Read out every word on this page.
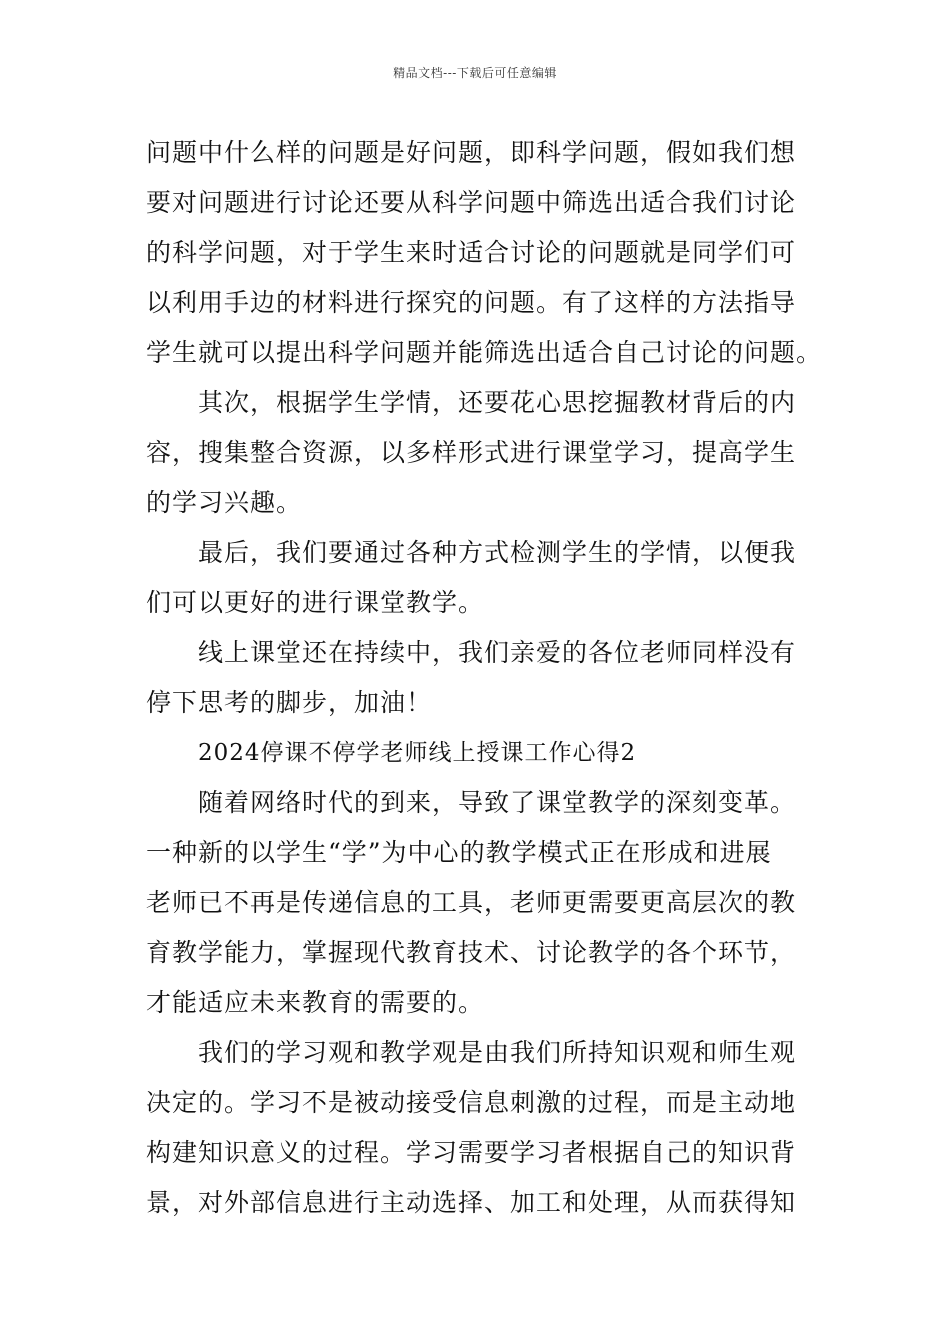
精品文档---下载后可任意编辑
问题中什么样的问题是好问题，即科学问题，假如我们想
要对问题进行讨论还要从科学问题中筛选出适合我们讨论
的科学问题，对于学生来时适合讨论的问题就是同学们可
以利用手边的材料进行探究的问题。有了这样的方法指导
学生就可以提出科学问题并能筛选出适合自己讨论的问题。
其次，根据学生学情，还要花心思挖掘教材背后的内
容，搜集整合资源，以多样形式进行课堂学习，提高学生
的学习兴趣。
最后，我们要通过各种方式检测学生的学情，以便我
们可以更好的进行课堂教学。
线上课堂还在持续中，我们亲爱的各位老师同样没有
停下思考的脚步，加油！
2024停课不停学老师线上授课工作心得2
随着网络时代的到来，导致了课堂教学的深刻变革。
一种新的以学生“学”为中心的教学模式正在形成和进展
老师已不再是传递信息的工具，老师更需要更高层次的教
育教学能力，掌握现代教育技术、讨论教学的各个环节，
才能适应未来教育的需要的。
我们的学习观和教学观是由我们所持知识观和师生观
决定的。学习不是被动接受信息刺激的过程，而是主动地
构建知识意义的过程。学习需要学习者根据自己的知识背
景，对外部信息进行主动选择、加工和处理，从而获得知
